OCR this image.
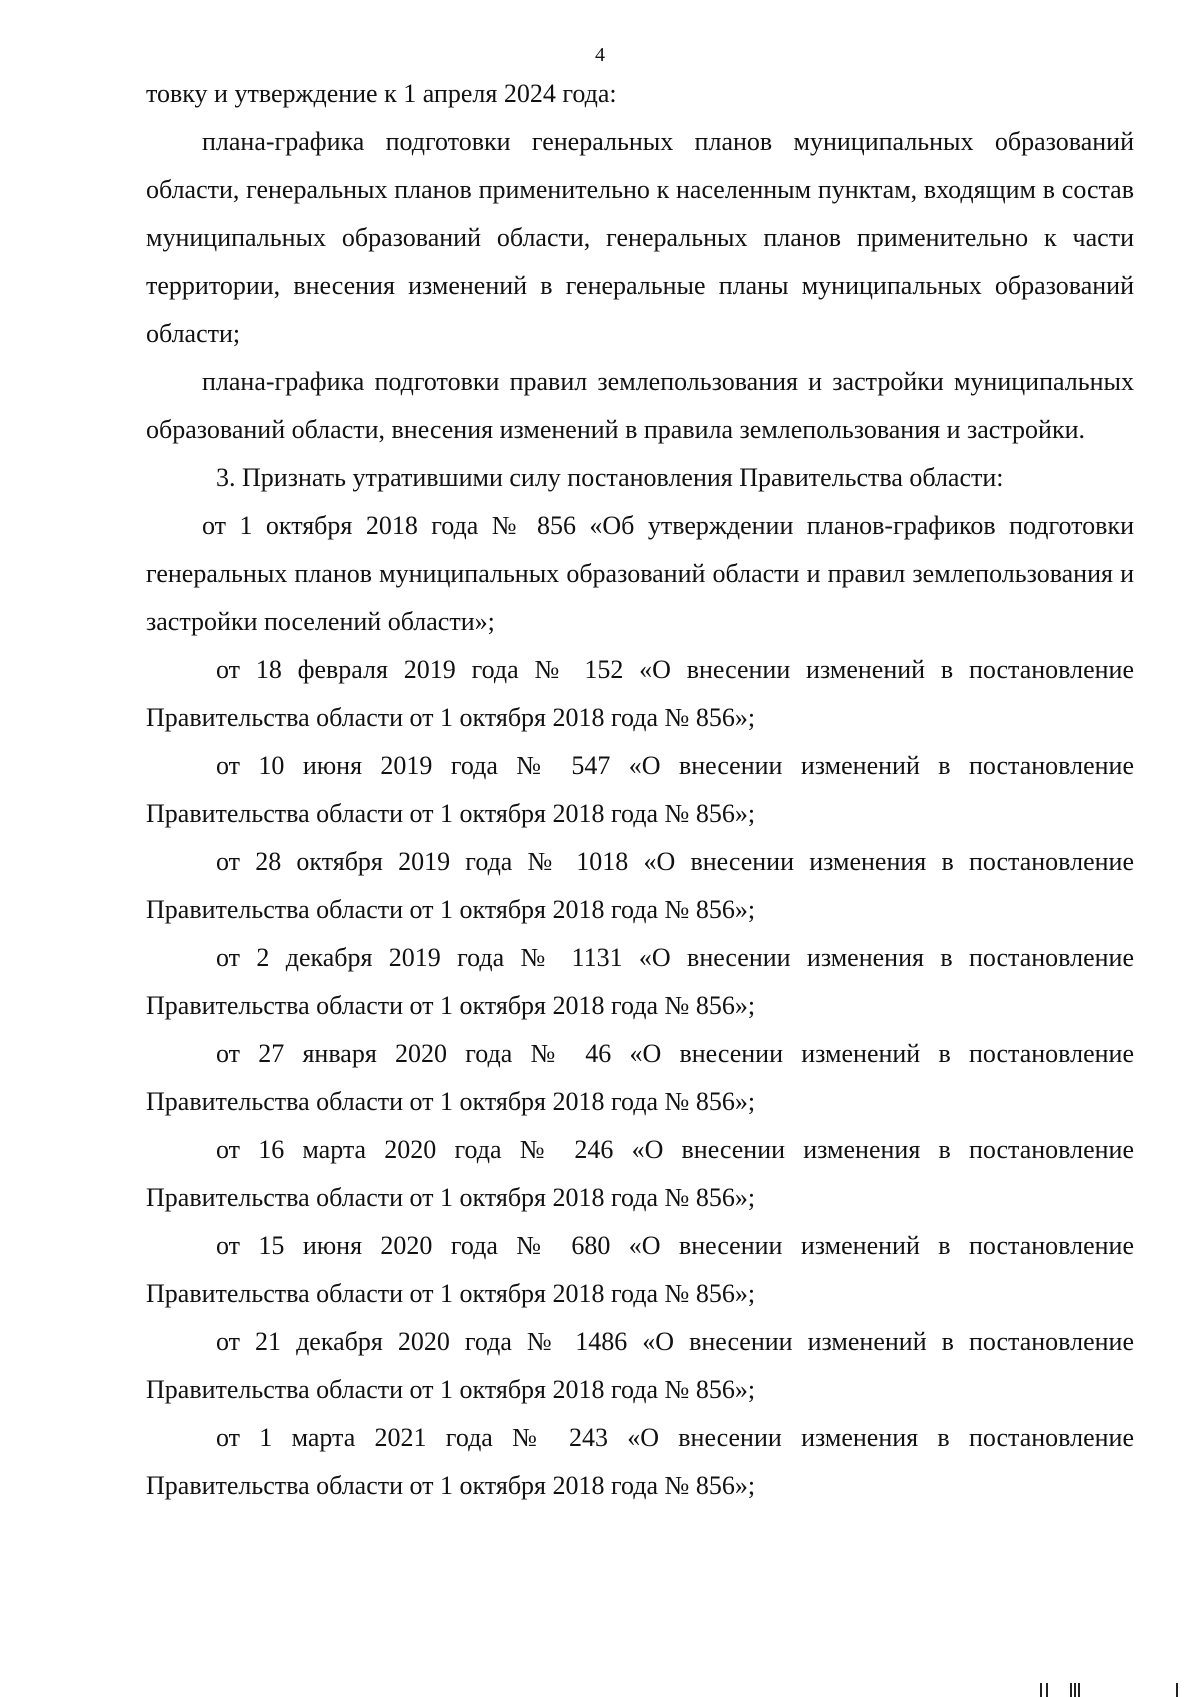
4

товку и утверждение к 1 апреля 2024 года:

плана-графика подготовки генеральных планов муниципальных образований области, генеральных планов применительно к населенным пунктам, входящим в состав муниципальных образований области, генеральных планов применительно к части территории, внесения изменений в генеральные планы муниципальных образований области;

плана-графика подготовки правил землепользования и застройки муниципальных образований области, внесения изменений в правила землепользования и застройки.

3. Признать утратившими силу постановления Правительства области:

от 1 октября 2018 года № 856 «Об утверждении планов-графиков подготовки генеральных планов муниципальных образований области и правил землепользования и застройки поселений области»;

от 18 февраля 2019 года № 152 «О внесении изменений в постановление Правительства области от 1 октября 2018 года № 856»;

от 10 июня 2019 года № 547 «О внесении изменений в постановление Правительства области от 1 октября 2018 года № 856»;

от 28 октября 2019 года № 1018 «О внесении изменения в постановление Правительства области от 1 октября 2018 года № 856»;

от 2 декабря 2019 года № 1131 «О внесении изменения в постановление Правительства области от 1 октября 2018 года № 856»;

от 27 января 2020 года № 46 «О внесении изменений в постановление Правительства области от 1 октября 2018 года № 856»;

от 16 марта 2020 года № 246 «О внесении изменения в постановление Правительства области от 1 октября 2018 года № 856»;

от 15 июня 2020 года № 680 «О внесении изменений в постановление Правительства области от 1 октября 2018 года № 856»;

от 21 декабря 2020 года № 1486 «О внесении изменений в постановление Правительства области от 1 октября 2018 года № 856»;

от 1 марта 2021 года № 243 «О внесении изменения в постановление Правительства области от 1 октября 2018 года № 856»;
